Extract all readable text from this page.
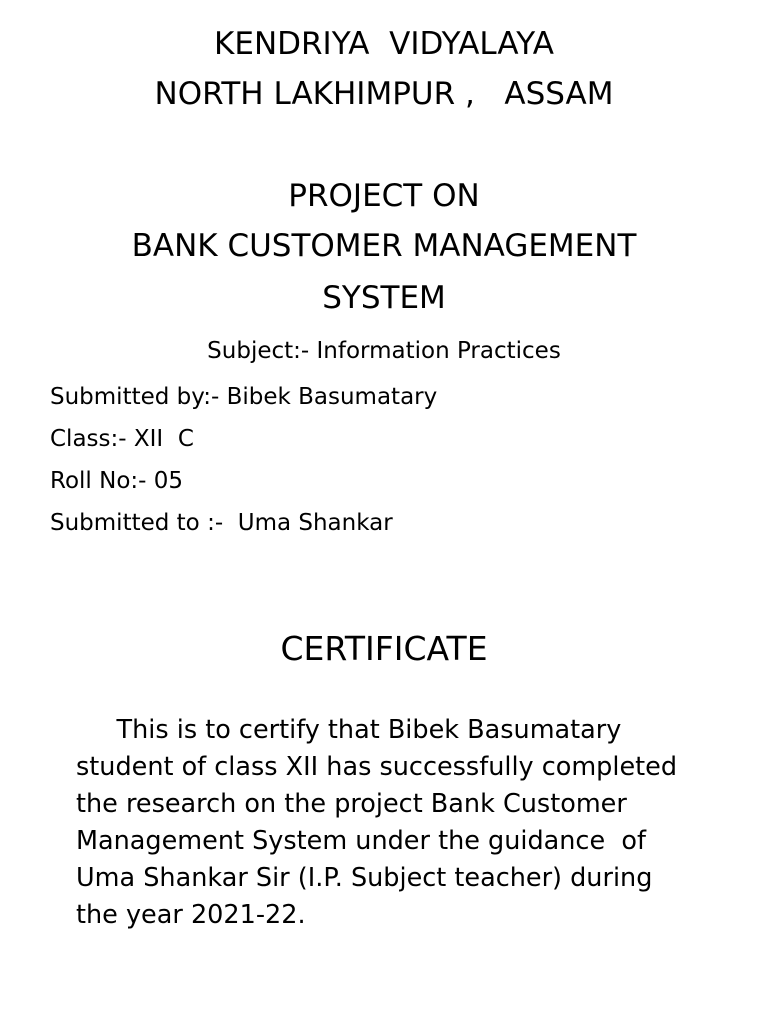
KENDRIYA  VIDYALAYA
NORTH LAKHIMPUR ,   ASSAM
PROJECT ON
BANK CUSTOMER MANAGEMENT
SYSTEM

Subject:- Information Practices

Submitted by:- Bibek Basumatary
Class:- XII  C
Roll No:- 05
Submitted to :-  Uma Shankar
CERTIFICATE
This is to certify that Bibek Basumatary
student of class XII has successfully completed
the research on the project Bank Customer
Management System under the guidance  of
Uma Shankar Sir (I.P. Subject teacher) during
the year 2021-22.
